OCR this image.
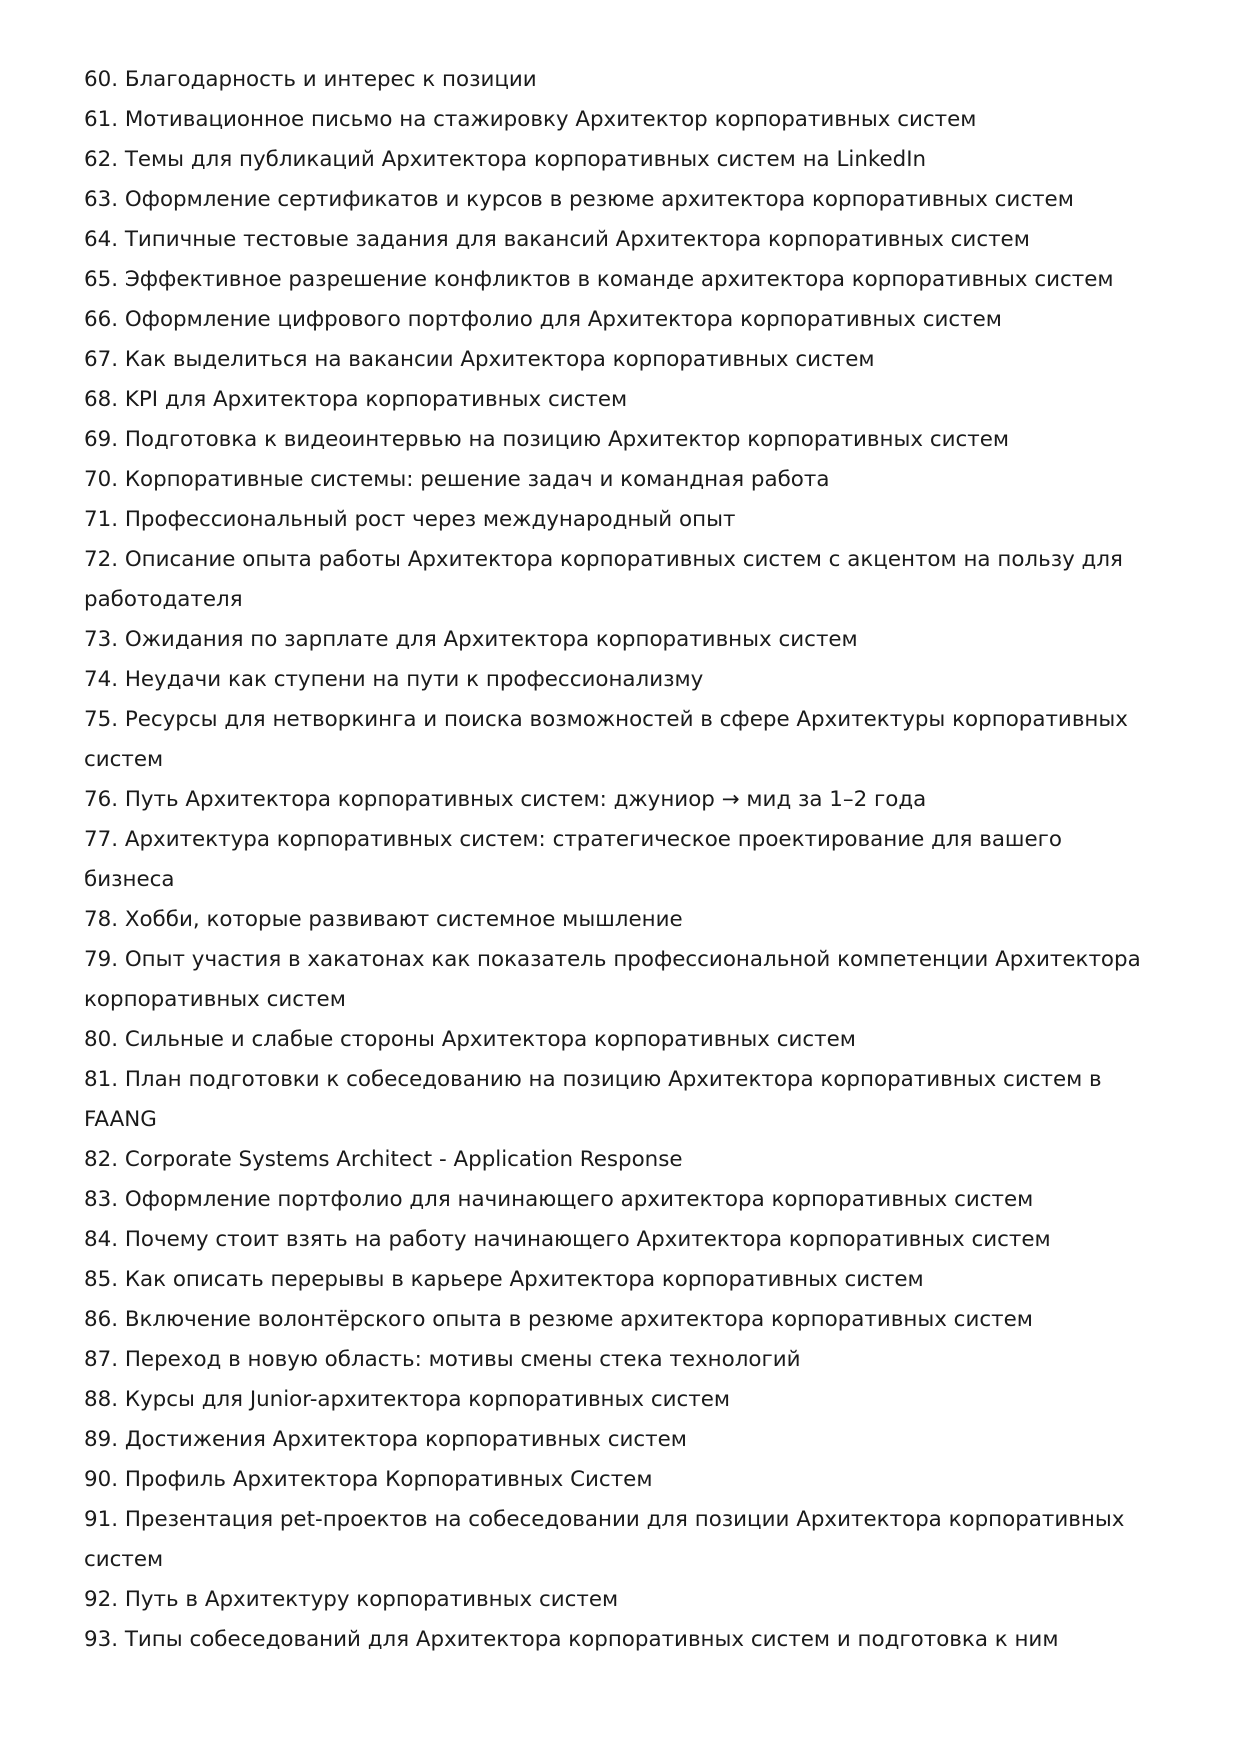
60. Благодарность и интерес к позиции
61. Мотивационное письмо на стажировку Архитектор корпоративных систем
62. Темы для публикаций Архитектора корпоративных систем на LinkedIn
63. Оформление сертификатов и курсов в резюме архитектора корпоративных систем
64. Типичные тестовые задания для вакансий Архитектора корпоративных систем
65. Эффективное разрешение конфликтов в команде архитектора корпоративных систем
66. Оформление цифрового портфолио для Архитектора корпоративных систем
67. Как выделиться на вакансии Архитектора корпоративных систем
68. KPI для Архитектора корпоративных систем
69. Подготовка к видеоинтервью на позицию Архитектор корпоративных систем
70. Корпоративные системы: решение задач и командная работа
71. Профессиональный рост через международный опыт
72. Описание опыта работы Архитектора корпоративных систем с акцентом на пользу для работодателя
73. Ожидания по зарплате для Архитектора корпоративных систем
74. Неудачи как ступени на пути к профессионализму
75. Ресурсы для нетворкинга и поиска возможностей в сфере Архитектуры корпоративных систем
76. Путь Архитектора корпоративных систем: джуниор → мид за 1–2 года
77. Архитектура корпоративных систем: стратегическое проектирование для вашего бизнеса
78. Хобби, которые развивают системное мышление
79. Опыт участия в хакатонах как показатель профессиональной компетенции Архитектора корпоративных систем
80. Сильные и слабые стороны Архитектора корпоративных систем
81. План подготовки к собеседованию на позицию Архитектора корпоративных систем в FAANG
82. Corporate Systems Architect - Application Response
83. Оформление портфолио для начинающего архитектора корпоративных систем
84. Почему стоит взять на работу начинающего Архитектора корпоративных систем
85. Как описать перерывы в карьере Архитектора корпоративных систем
86. Включение волонтёрского опыта в резюме архитектора корпоративных систем
87. Переход в новую область: мотивы смены стека технологий
88. Курсы для Junior-архитектора корпоративных систем
89. Достижения Архитектора корпоративных систем
90. Профиль Архитектора Корпоративных Систем
91. Презентация pet-проектов на собеседовании для позиции Архитектора корпоративных систем
92. Путь в Архитектуру корпоративных систем
93. Типы собеседований для Архитектора корпоративных систем и подготовка к ним
